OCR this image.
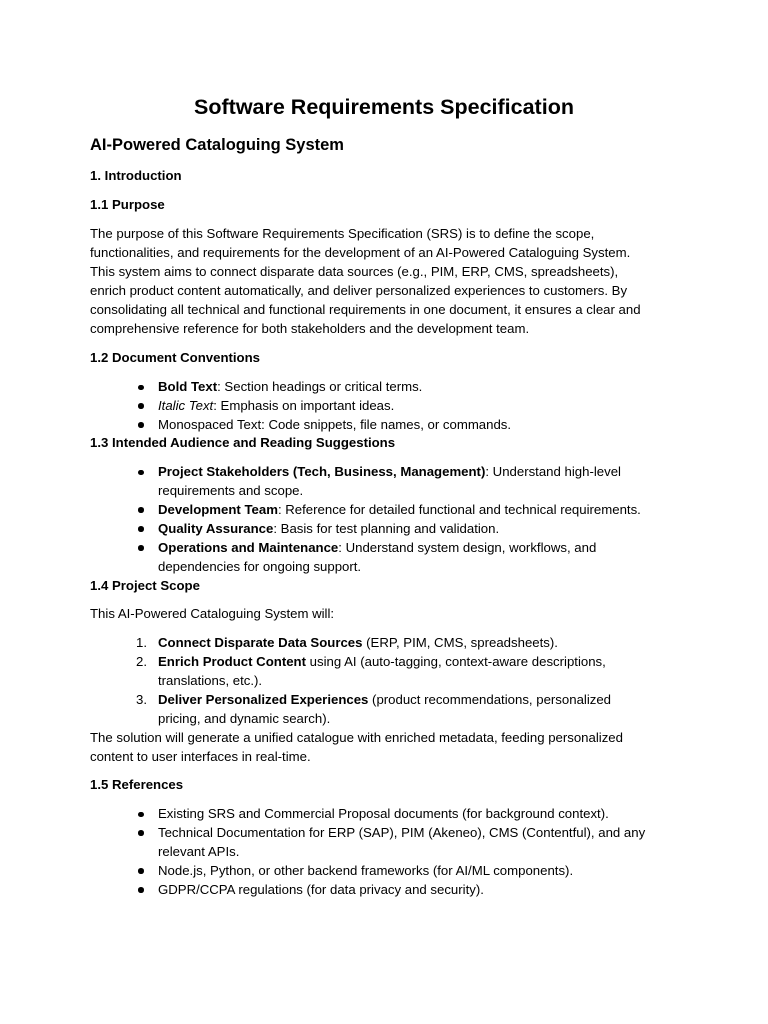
Software Requirements Specification
AI-Powered Cataloguing System
1. Introduction
1.1 Purpose
The purpose of this Software Requirements Specification (SRS) is to define the scope,
functionalities, and requirements for the development of an AI-Powered Cataloguing System.
This system aims to connect disparate data sources (e.g., PIM, ERP, CMS, spreadsheets),
enrich product content automatically, and deliver personalized experiences to customers. By
consolidating all technical and functional requirements in one document, it ensures a clear and
comprehensive reference for both stakeholders and the development team.
1.2 Document Conventions
Bold Text: Section headings or critical terms.
Italic Text: Emphasis on important ideas.
Monospaced Text: Code snippets, file names, or commands.
1.3 Intended Audience and Reading Suggestions
Project Stakeholders (Tech, Business, Management): Understand high-level
requirements and scope.
Development Team: Reference for detailed functional and technical requirements.
Quality Assurance: Basis for test planning and validation.
Operations and Maintenance: Understand system design, workflows, and
dependencies for ongoing support.
1.4 Project Scope

This AI-Powered Cataloguing System will:

1. Connect Disparate Data Sources (ERP, PIM, CMS, spreadsheets).
2. Enrich Product Content using AI (auto-tagging, context-aware descriptions,
translations, etc.).
3. Deliver Personalized Experiences (product recommendations, personalized
pricing, and dynamic search).
The solution will generate a unified catalogue with enriched metadata, feeding personalized
content to user interfaces in real-time.
1.5 References
Existing SRS and Commercial Proposal documents (for background context).
Technical Documentation for ERP (SAP), PIM (Akeneo), CMS (Contentful), and any
relevant APIs.
Node.js, Python, or other backend frameworks (for AI/ML components).
GDPR/CCPA regulations (for data privacy and security).
